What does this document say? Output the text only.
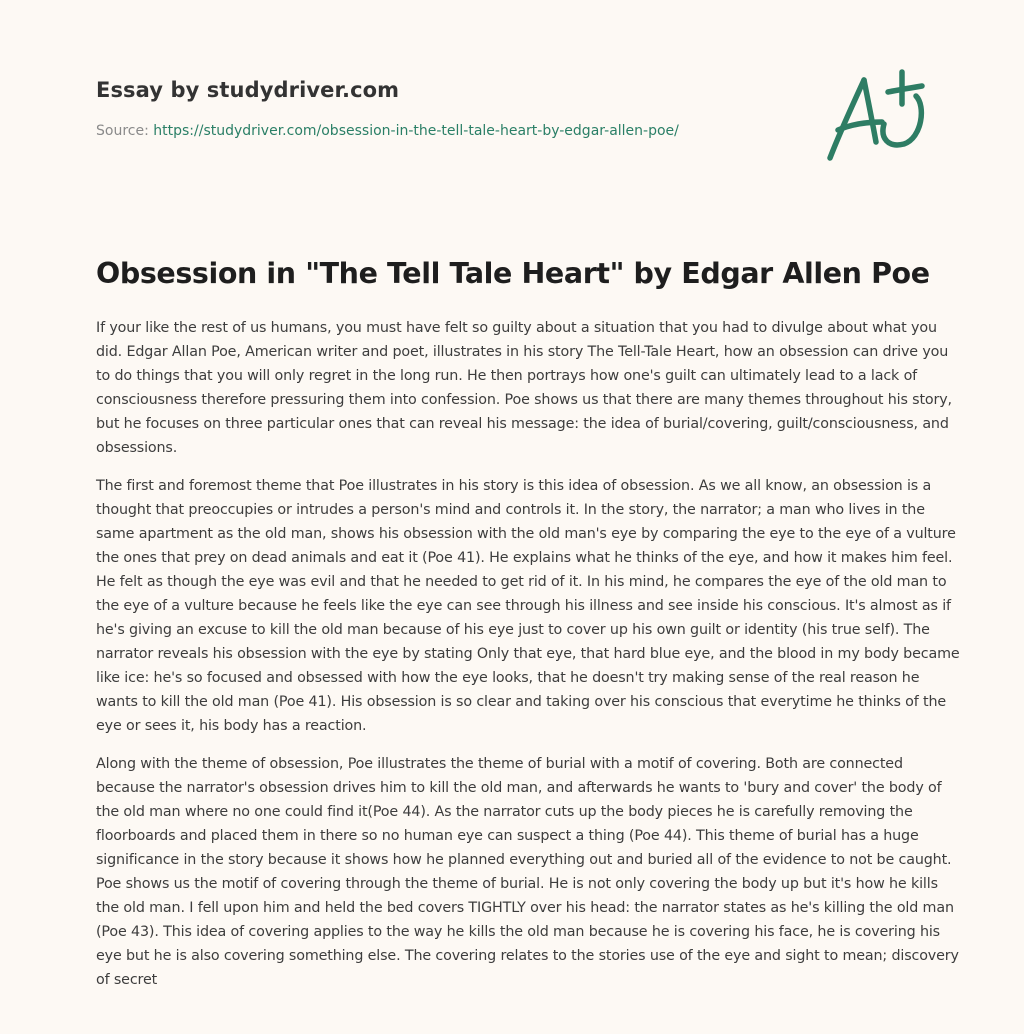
Essay by studydriver.com
Source: https://studydriver.com/obsession-in-the-tell-tale-heart-by-edgar-allen-poe/
Obsession in "The Tell Tale Heart" by Edgar Allen Poe

If your like the rest of us humans, you must have felt so guilty about a situation that you had to divulge about what you did. Edgar Allan Poe, American writer and poet, illustrates in his story The Tell-Tale Heart, how an obsession can drive you to do things that you will only regret in the long run. He then portrays how one's guilt can ultimately lead to a lack of consciousness therefore pressuring them into confession. Poe shows us that there are many themes throughout his story, but he focuses on three particular ones that can reveal his message: the idea of burial/covering, guilt/consciousness, and obsessions.

The first and foremost theme that Poe illustrates in his story is this idea of obsession. As we all know, an obsession is a thought that preoccupies or intrudes a person's mind and controls it. In the story, the narrator; a man who lives in the same apartment as the old man, shows his obsession with the old man's eye by comparing the eye to the eye of a vulture the ones that prey on dead animals and eat it (Poe 41). He explains what he thinks of the eye, and how it makes him feel. He felt as though the eye was evil and that he needed to get rid of it. In his mind, he compares the eye of the old man to the eye of a vulture because he feels like the eye can see through his illness and see inside his conscious. It's almost as if he's giving an excuse to kill the old man because of his eye just to cover up his own guilt or identity (his true self). The narrator reveals his obsession with the eye by stating Only that eye, that hard blue eye, and the blood in my body became like ice: he's so focused and obsessed with how the eye looks, that he doesn't try making sense of the real reason he wants to kill the old man (Poe 41). His obsession is so clear and taking over his conscious that everytime he thinks of the eye or sees it, his body has a reaction.

Along with the theme of obsession, Poe illustrates the theme of burial with a motif of covering. Both are connected because the narrator's obsession drives him to kill the old man, and afterwards he wants to 'bury and cover' the body of the old man where no one could find it(Poe 44). As the narrator cuts up the body pieces he is carefully removing the floorboards and placed them in there so no human eye can suspect a thing (Poe 44). This theme of burial has a huge significance in the story because it shows how he planned everything out and buried all of the evidence to not be caught. Poe shows us the motif of covering through the theme of burial. He is not only covering the body up but it's how he kills the old man. I fell upon him and held the bed covers TIGHTLY over his head: the narrator states as he's killing the old man (Poe 43). This idea of covering applies to the way he kills the old man because he is covering his face, he is covering his eye but he is also covering something else. The covering relates to the stories use of the eye and sight to mean; discovery of secret
